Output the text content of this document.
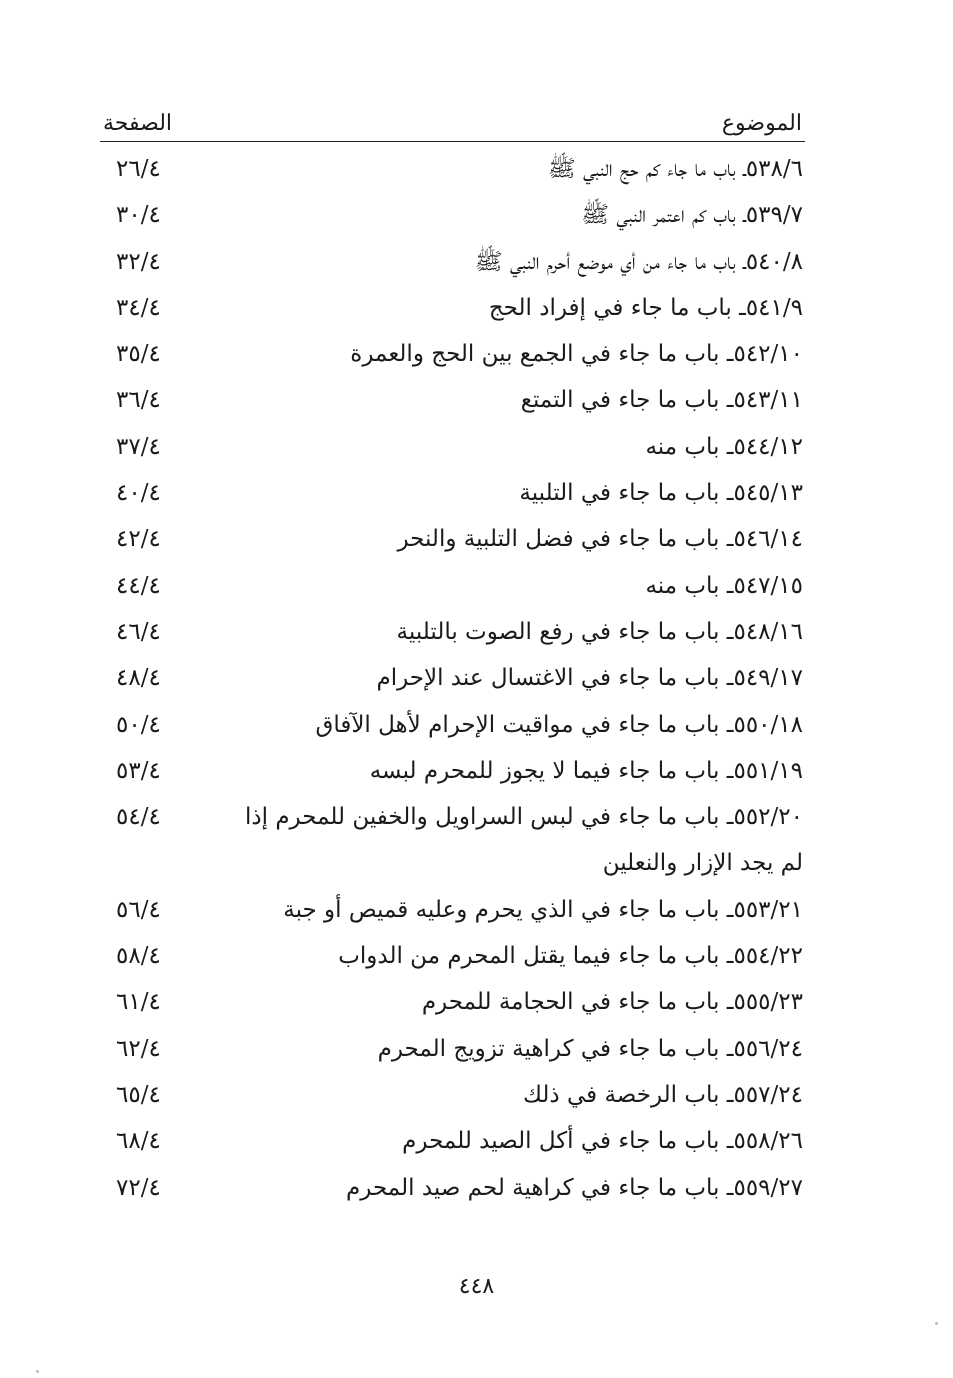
الموضوع
الصفحة
٥٣٨/٦ـ باب ما جاء كم حج النبي ﷺ
٢٦/٤
٥٣٩/٧ـ باب كم اعتمر النبي ﷺ
٣٠/٤
٥٤٠/٨ـ باب ما جاء من أي موضع أحرم النبي ﷺ
٣٢/٤
٥٤١/٩ـ باب ما جاء في إفراد الحج
٣٤/٤
٥٤٢/١٠ـ باب ما جاء في الجمع بين الحج والعمرة
٣٥/٤
٥٤٣/١١ـ باب ما جاء في التمتع
٣٦/٤
٥٤٤/١٢ـ باب منه
٣٧/٤
٥٤٥/١٣ـ باب ما جاء في التلبية
٤٠/٤
٥٤٦/١٤ـ باب ما جاء في فضل التلبية والنحر
٤٢/٤
٥٤٧/١٥ـ باب منه
٤٤/٤
٥٤٨/١٦ـ باب ما جاء في رفع الصوت بالتلبية
٤٦/٤
٥٤٩/١٧ـ باب ما جاء في الاغتسال عند الإحرام
٤٨/٤
٥٥٠/١٨ـ باب ما جاء في مواقيت الإحرام لأهل الآفاق
٥٠/٤
٥٥١/١٩ـ باب ما جاء فيما لا يجوز للمحرم لبسه
٥٣/٤
٥٥٢/٢٠ـ باب ما جاء في لبس السراويل والخفين للمحرم إذا لم يجد الإزار والنعلين
٥٤/٤
٥٥٣/٢١ـ باب ما جاء في الذي يحرم وعليه قميص أو جبة
٥٦/٤
٥٥٤/٢٢ـ باب ما جاء فيما يقتل المحرم من الدواب
٥٨/٤
٥٥٥/٢٣ـ باب ما جاء في الحجامة للمحرم
٦١/٤
٥٥٦/٢٤ـ باب ما جاء في كراهية تزويج المحرم
٦٢/٤
٥٥٧/٢٤ـ باب الرخصة في ذلك
٦٥/٤
٥٥٨/٢٦ـ باب ما جاء في أكل الصيد للمحرم
٦٨/٤
٥٥٩/٢٧ـ باب ما جاء في كراهية لحم صيد المحرم
٧٢/٤
٤٤٨
